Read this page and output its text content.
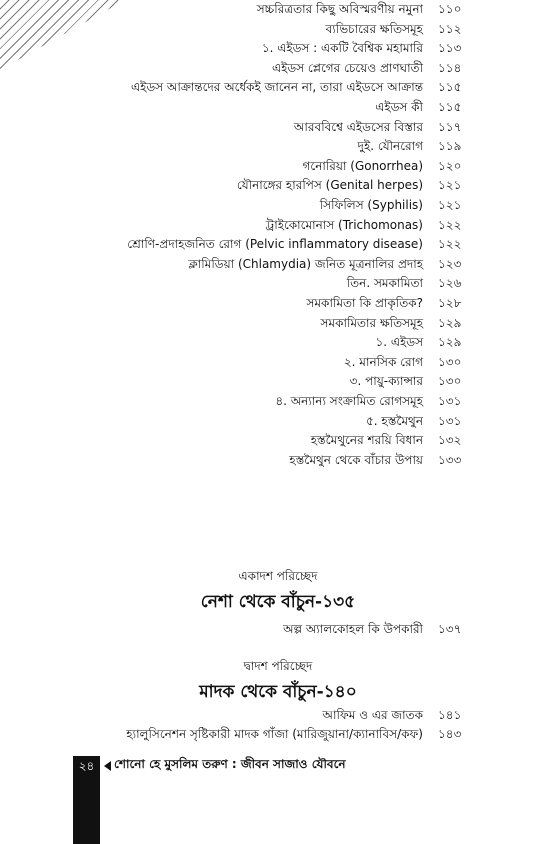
সচ্চরিত্রতার কিছু অবিস্মরণীয় নমুনা ১১০
ব্যভিচারের ক্ষতিসমূহ ১১২
১. এইডস : একটি বৈশ্বিক মহামারি ১১৩
এইডস প্লেগের চেয়েও প্রাণঘাতী ১১৪
এইডস আক্রান্তদের অর্ধেকই জানেন না, তারা এইডসে আক্রান্ত ১১৫
এইডস কী ১১৫
আরববিশ্বে এইডসের বিস্তার ১১৭
দুই. যৌনরোগ ১১৯
গনোরিয়া (Gonorrhea) ১২০
যৌনাঙ্গের হারপিস (Genital herpes) ১২১
সিফিলিস (Syphilis) ১২১
ট্রাইকোমোনাস (Trichomonas) ১২২
শ্রোণি-প্রদাহজনিত রোগ (Pelvic inflammatory disease) ১২২
ক্লামিডিয়া (Chlamydia) জনিত মূত্রনালির প্রদাহ ১২৩
তিন. সমকামিতা ১২৬
সমকামিতা কি প্রাকৃতিক? ১২৮
সমকামিতার ক্ষতিসমূহ ১২৯
১. এইডস ১২৯
২. মানসিক রোগ ১৩০
৩. পায়ু-ক্যান্সার ১৩০
৪. অন্যান্য সংক্রামিত রোগসমূহ ১৩১
৫. হস্তমৈথুন ১৩১
হস্তমৈথুনের শরয়ি বিধান ১৩২
হস্তমৈথুন থেকে বাঁচার উপায় ১৩৩
একাদশ পরিচ্ছেদ
নেশা থেকে বাঁচুন-১৩৫
অল্প অ্যালকোহল কি উপকারী ১৩৭
দ্বাদশ পরিচ্ছেদ
মাদক থেকে বাঁচুন-১৪০
আফিম ও এর জাতক ১৪১
হ্যালুসিনেশন সৃষ্টিকারী মাদক গাঁজা (মারিজুয়ানা/ক্যানাবিস/কফ) ১৪৩
২৪	শোনো হে মুসলিম তরুণ : জীবন সাজাও যৌবনে
